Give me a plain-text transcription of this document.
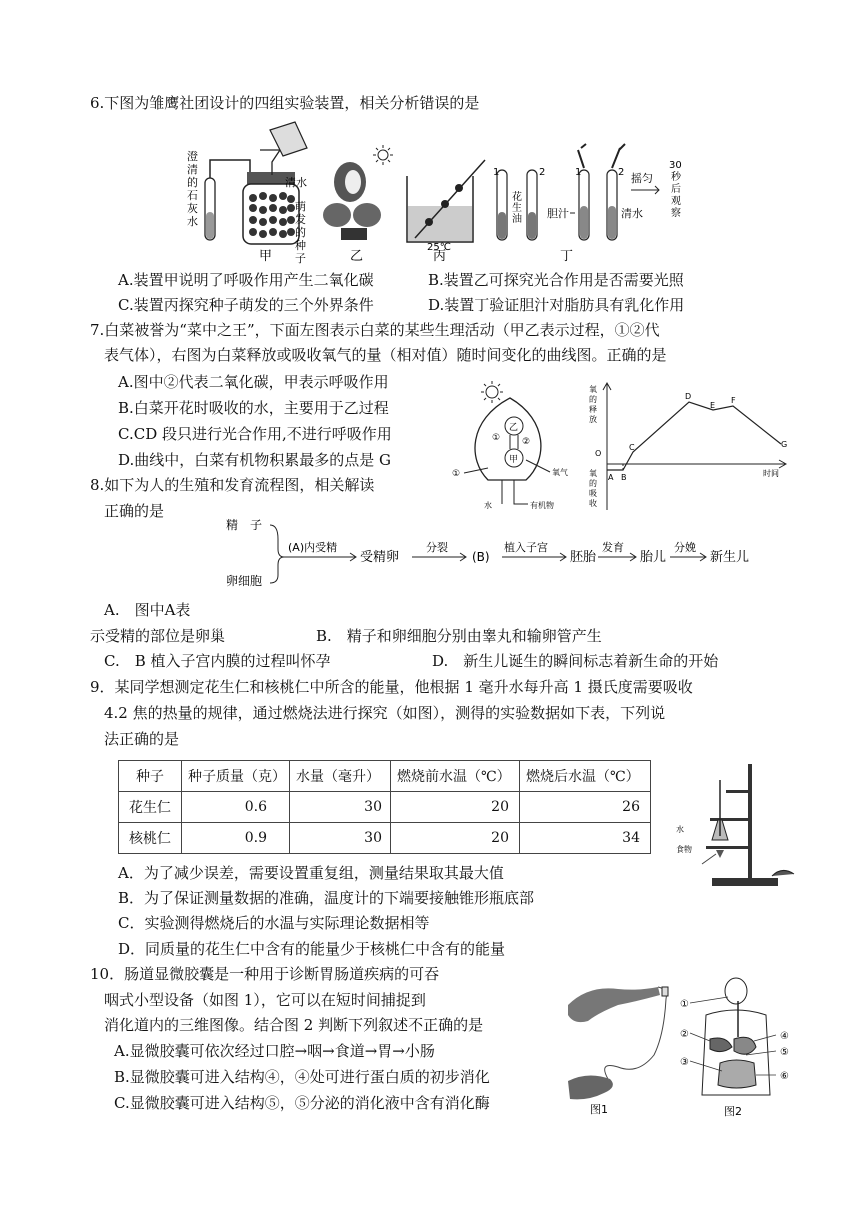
6.下图为雏鹰社团设计的四组实验装置，相关分析错误的是
澄清的石灰水
清水
萌发的种子
甲	乙
25℃
丙
1	2
花生油 胆汁
1	2
清水
摇匀
30 秒后观察
丁
A.装置甲说明了呼吸作用产生二氧化碳	B.装置乙可探究光合作用是否需要光照
C.装置丙探究种子萌发的三个外界条件	D.装置丁验证胆汁对脂肪具有乳化作用
7.白菜被誉为“菜中之王”，下面左图表示白菜的某些生理活动（甲乙表示过程，①②代
表气体），右图为白菜释放或吸收氧气的量（相对值）随时间变化的曲线图。正确的是
A.图中②代表二氧化碳，甲表示呼吸作用
B.白菜开花时吸收的水，主要用于乙过程
C.CD 段只进行光合作用,不进行呼吸作用
D.曲线中，白菜有机物积累最多的点是 G
乙
甲
① ②
①	氧气
水	有机物
氧的释放
氧的吸收
O
时间
A B
C
D
E
F
G
8.如下为人的生殖和发育流程图，相关解读
正确的是
精　子
卵细胞
(A)内受精
受精卵
分裂
(B)
植入子宫
胚胎
发育
胎儿
分娩
新生儿
A.　图中A表
示受精的部位是卵巢	B.　精子和卵细胞分别由睾丸和输卵管产生
C.　B 植入子宫内膜的过程叫怀孕	D.　新生儿诞生的瞬间标志着新生命的开始
9．某同学想测定花生仁和核桃仁中所含的能量，他根据 1 毫升水每升高 1 摄氏度需要吸收
4.2 焦的热量的规律，通过燃烧法进行探究（如图），测得的实验数据如下表，下列说
法正确的是
种子	种子质量（克）	水量（毫升）	燃烧前水温（℃）	燃烧后水温（℃）
花生仁	0.6	30	20	26
核桃仁	0.9	30	20	34
水
食物
A．为了减少误差，需要设置重复组，测量结果取其最大值
B．为了保证测量数据的准确，温度计的下端要接触锥形瓶底部
C．实验测得燃烧后的水温与实际理论数据相等
D．同质量的花生仁中含有的能量少于核桃仁中含有的能量
10．肠道显微胶囊是一种用于诊断胃肠道疾病的可吞
咽式小型设备（如图 1），它可以在短时间捕捉到
消化道内的三维图像。结合图 2 判断下列叙述不正确的是
A.显微胶囊可依次经过口腔→咽→食道→胃→小肠
B.显微胶囊可进入结构④，④处可进行蛋白质的初步消化
C.显微胶囊可进入结构⑤，⑤分泌的消化液中含有消化酶	图1
①
②
③
④
⑤
⑥
图2
